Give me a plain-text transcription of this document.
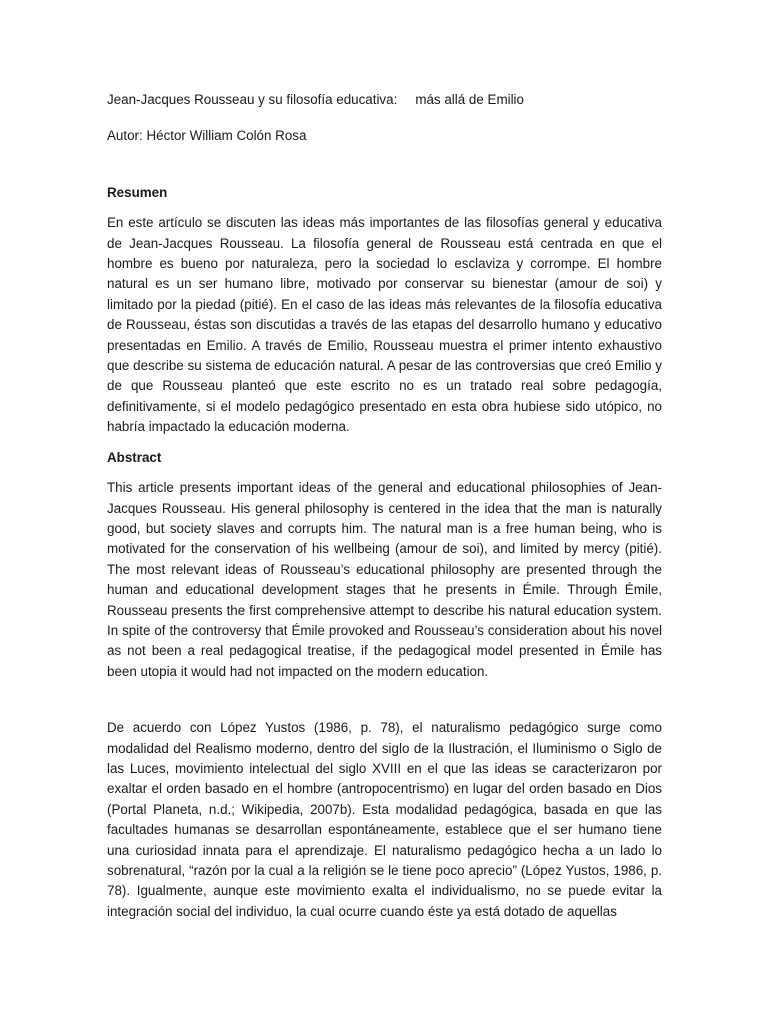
Jean-Jacques Rousseau y su filosofía educativa: más allá de Emilio

Autor: Héctor William Colón Rosa

Resumen

En este artículo se discuten las ideas más importantes de las filosofías general y educativa de Jean-Jacques Rousseau. La filosofía general de Rousseau está centrada en que el hombre es bueno por naturaleza, pero la sociedad lo esclaviza y corrompe. El hombre natural es un ser humano libre, motivado por conservar su bienestar (amour de soi) y limitado por la piedad (pitié). En el caso de las ideas más relevantes de la filosofía educativa de Rousseau, éstas son discutidas a través de las etapas del desarrollo humano y educativo presentadas en Emilio. A través de Emilio, Rousseau muestra el primer intento exhaustivo que describe su sistema de educación natural. A pesar de las controversias que creó Emilio y de que Rousseau planteó que este escrito no es un tratado real sobre pedagogía, definitivamente, si el modelo pedagógico presentado en esta obra hubiese sido utópico, no habría impactado la educación moderna.

Abstract

This article presents important ideas of the general and educational philosophies of Jean-Jacques Rousseau. His general philosophy is centered in the idea that the man is naturally good, but society slaves and corrupts him. The natural man is a free human being, who is motivated for the conservation of his wellbeing (amour de soi), and limited by mercy (pitié). The most relevant ideas of Rousseau’s educational philosophy are presented through the human and educational development stages that he presents in Émile. Through Émile, Rousseau presents the first comprehensive attempt to describe his natural education system. In spite of the controversy that Émile provoked and Rousseau’s consideration about his novel as not been a real pedagogical treatise, if the pedagogical model presented in Émile has been utopia it would had not impacted on the modern education.

De acuerdo con López Yustos (1986, p. 78), el naturalismo pedagógico surge como modalidad del Realismo moderno, dentro del siglo de la Ilustración, el Iluminismo o Siglo de las Luces, movimiento intelectual del siglo XVIII en el que las ideas se caracterizaron por exaltar el orden basado en el hombre (antropocentrismo) en lugar del orden basado en Dios (Portal Planeta, n.d.; Wikipedia, 2007b). Esta modalidad pedagógica, basada en que las facultades humanas se desarrollan espontáneamente, establece que el ser humano tiene una curiosidad innata para el aprendizaje. El naturalismo pedagógico hecha a un lado lo sobrenatural, “razón por la cual a la religión se le tiene poco aprecio” (López Yustos, 1986, p. 78). Igualmente, aunque este movimiento exalta el individualismo, no se puede evitar la integración social del individuo, la cual ocurre cuando éste ya está dotado de aquellas
